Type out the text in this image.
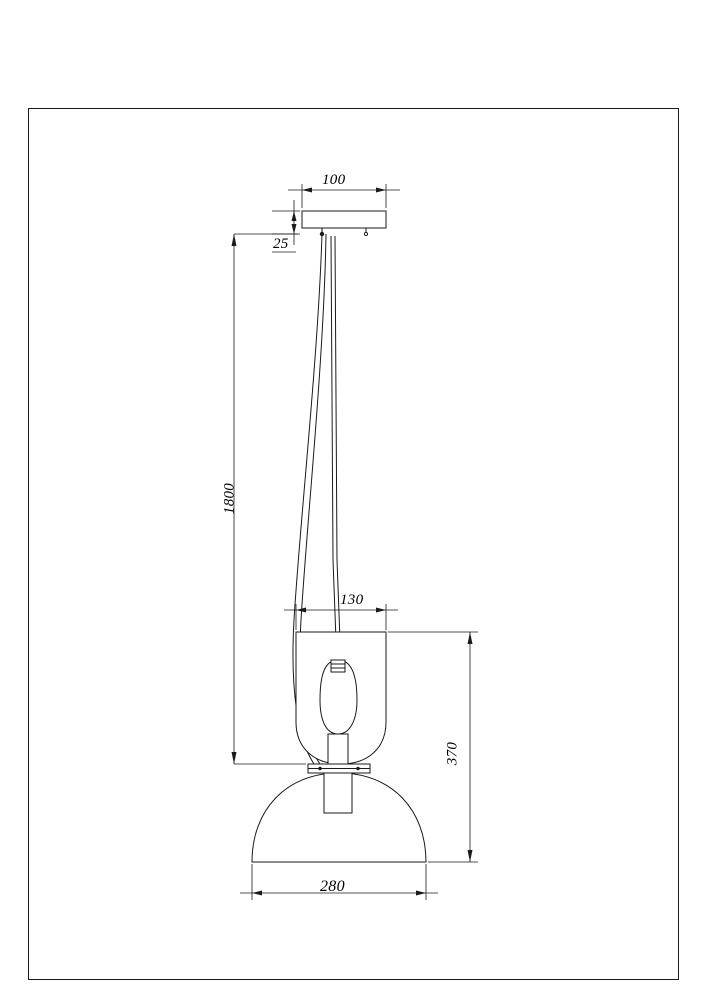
100
25
1800
130
370
280
